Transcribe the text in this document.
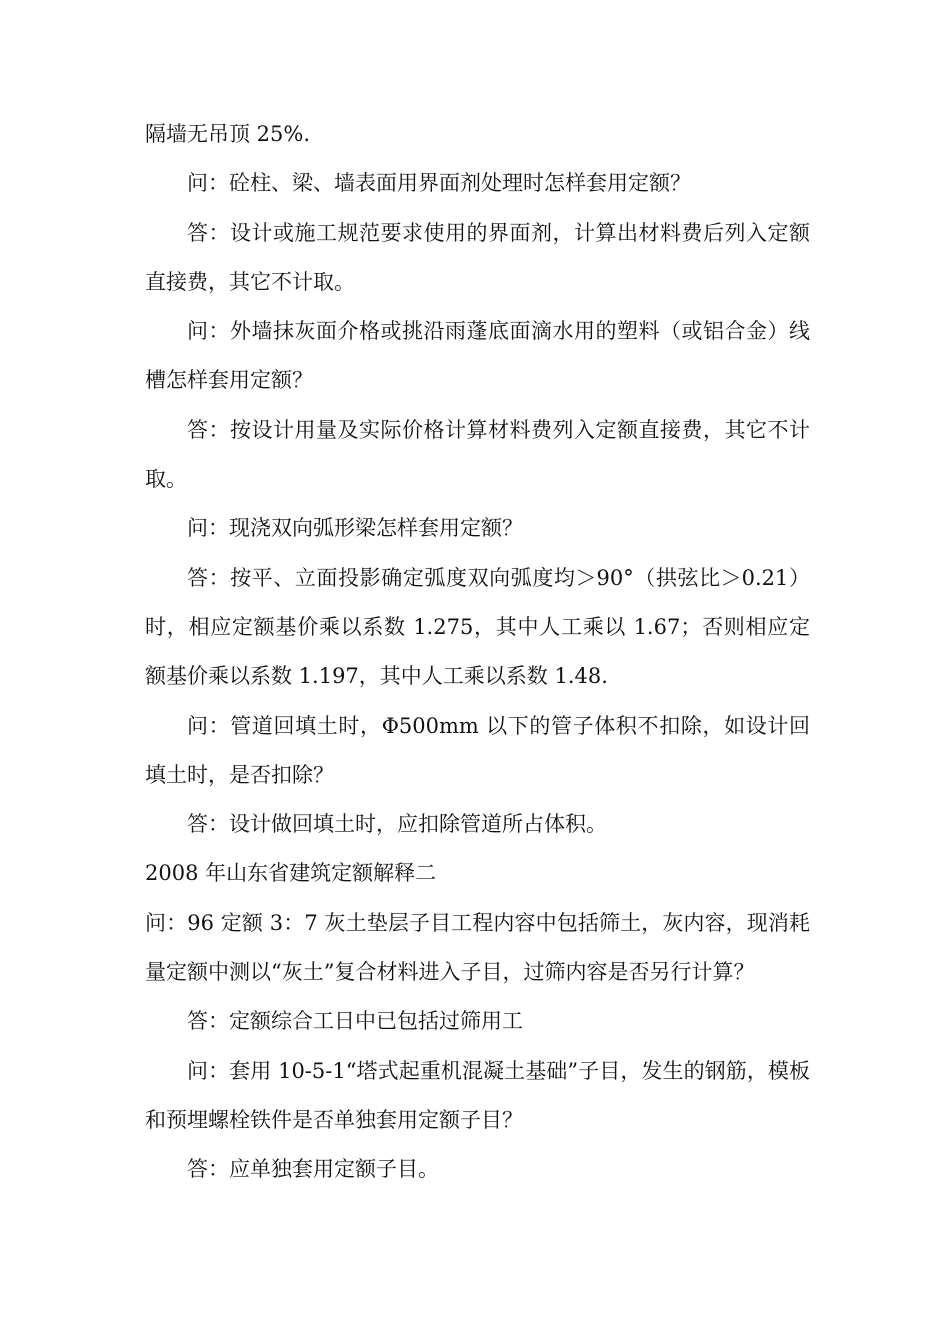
隔墙无吊顶 25%.

问：砼柱、梁、墙表面用界面剂处理时怎样套用定额？

答：设计或施工规范要求使用的界面剂，计算出材料费后列入定额直接费，其它不计取。

问：外墙抹灰面介格或挑沿雨蓬底面滴水用的塑料（或铝合金）线槽怎样套用定额？

答：按设计用量及实际价格计算材料费列入定额直接费，其它不计取。

问：现浇双向弧形梁怎样套用定额？

答：按平、立面投影确定弧度双向弧度均＞90°（拱弦比＞0.21）时，相应定额基价乘以系数 1.275，其中人工乘以 1.67；否则相应定额基价乘以系数 1.197，其中人工乘以系数 1.48.

问：管道回填土时，Φ500mm 以下的管子体积不扣除，如设计回填土时，是否扣除？

答：设计做回填土时，应扣除管道所占体积。

2008 年山东省建筑定额解释二

问：96 定额 3：7 灰土垫层子目工程内容中包括筛土，灰内容，现消耗量定额中测以“灰土”复合材料进入子目，过筛内容是否另行计算？

答：定额综合工日中已包括过筛用工

问：套用 10-5-1“塔式起重机混凝土基础”子目，发生的钢筋，模板和预埋螺栓铁件是否单独套用定额子目？

答：应单独套用定额子目。
